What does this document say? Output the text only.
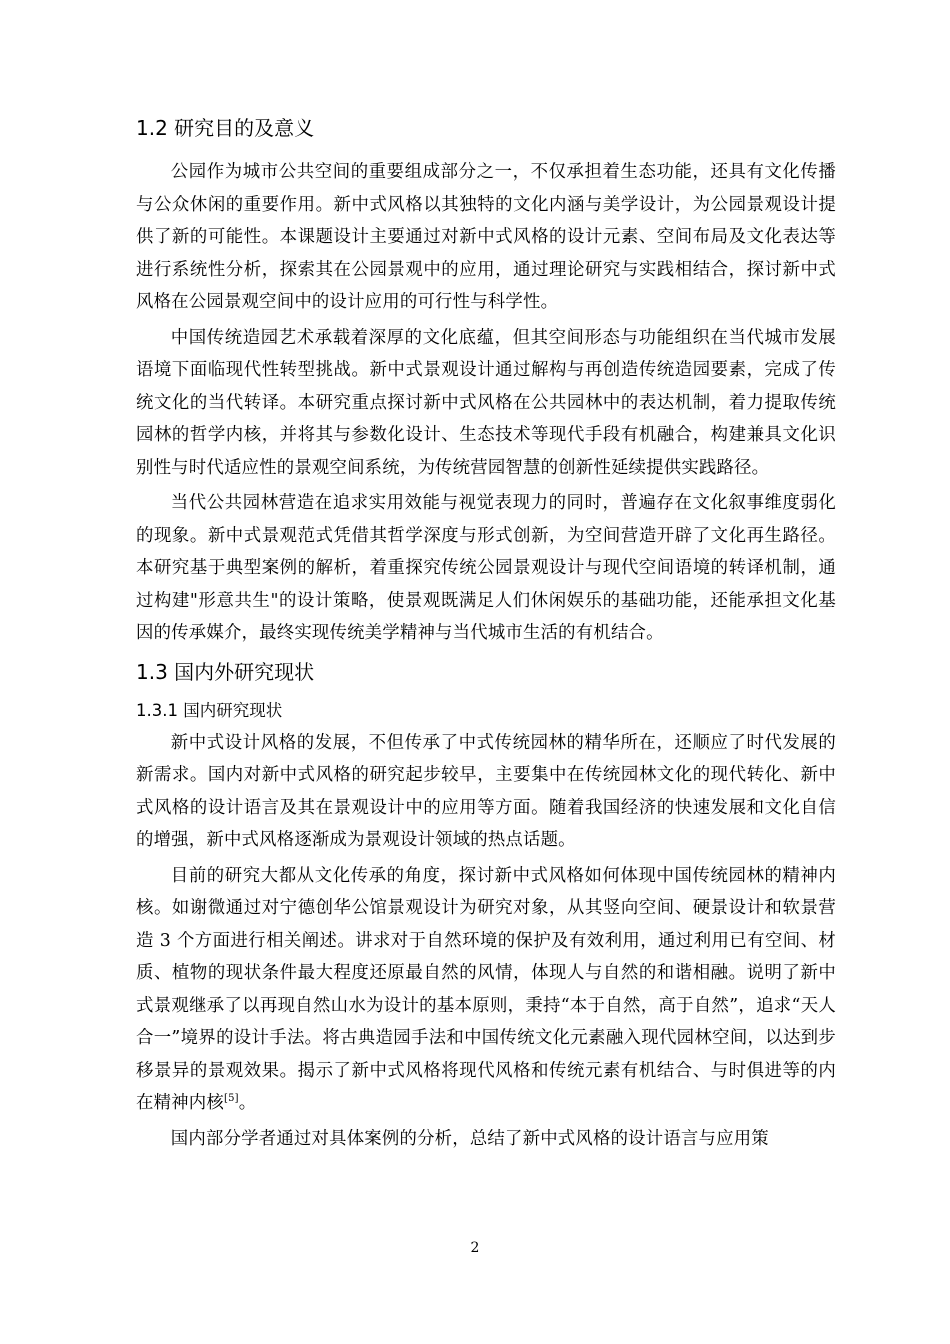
1.2 研究目的及意义

公园作为城市公共空间的重要组成部分之一，不仅承担着生态功能，还具有文化传播与公众休闲的重要作用。新中式风格以其独特的文化内涵与美学设计，为公园景观设计提供了新的可能性。本课题设计主要通过对新中式风格的设计元素、空间布局及文化表达等进行系统性分析，探索其在公园景观中的应用，通过理论研究与实践相结合，探讨新中式风格在公园景观空间中的设计应用的可行性与科学性。

中国传统造园艺术承载着深厚的文化底蕴，但其空间形态与功能组织在当代城市发展语境下面临现代性转型挑战。新中式景观设计通过解构与再创造传统造园要素，完成了传统文化的当代转译。本研究重点探讨新中式风格在公共园林中的表达机制，着力提取传统园林的哲学内核，并将其与参数化设计、生态技术等现代手段有机融合，构建兼具文化识别性与时代适应性的景观空间系统，为传统营园智慧的创新性延续提供实践路径。

当代公共园林营造在追求实用效能与视觉表现力的同时，普遍存在文化叙事维度弱化的现象。新中式景观范式凭借其哲学深度与形式创新，为空间营造开辟了文化再生路径。本研究基于典型案例的解析，着重探究传统公园景观设计与现代空间语境的转译机制，通过构建"形意共生"的设计策略，使景观既满足人们休闲娱乐的基础功能，还能承担文化基因的传承媒介，最终实现传统美学精神与当代城市生活的有机结合。

1.3 国内外研究现状
1.3.1 国内研究现状

新中式设计风格的发展，不但传承了中式传统园林的精华所在，还顺应了时代发展的新需求。国内对新中式风格的研究起步较早，主要集中在传统园林文化的现代转化、新中式风格的设计语言及其在景观设计中的应用等方面。随着我国经济的快速发展和文化自信的增强，新中式风格逐渐成为景观设计领域的热点话题。

目前的研究大都从文化传承的角度，探讨新中式风格如何体现中国传统园林的精神内核。如谢微通过对宁德创华公馆景观设计为研究对象，从其竖向空间、硬景设计和软景营造 3 个方面进行相关阐述。讲求对于自然环境的保护及有效利用，通过利用已有空间、材质、植物的现状条件最大程度还原最自然的风情，体现人与自然的和谐相融。说明了新中式景观继承了以再现自然山水为设计的基本原则，秉持“本于自然，高于自然”，追求“天人合一”境界的设计手法。将古典造园手法和中国传统文化元素融入现代园林空间，以达到步移景异的景观效果。揭示了新中式风格将现代风格和传统元素有机结合、与时俱进等的内在精神内核[5]。

国内部分学者通过对具体案例的分析，总结了新中式风格的设计语言与应用策

2
